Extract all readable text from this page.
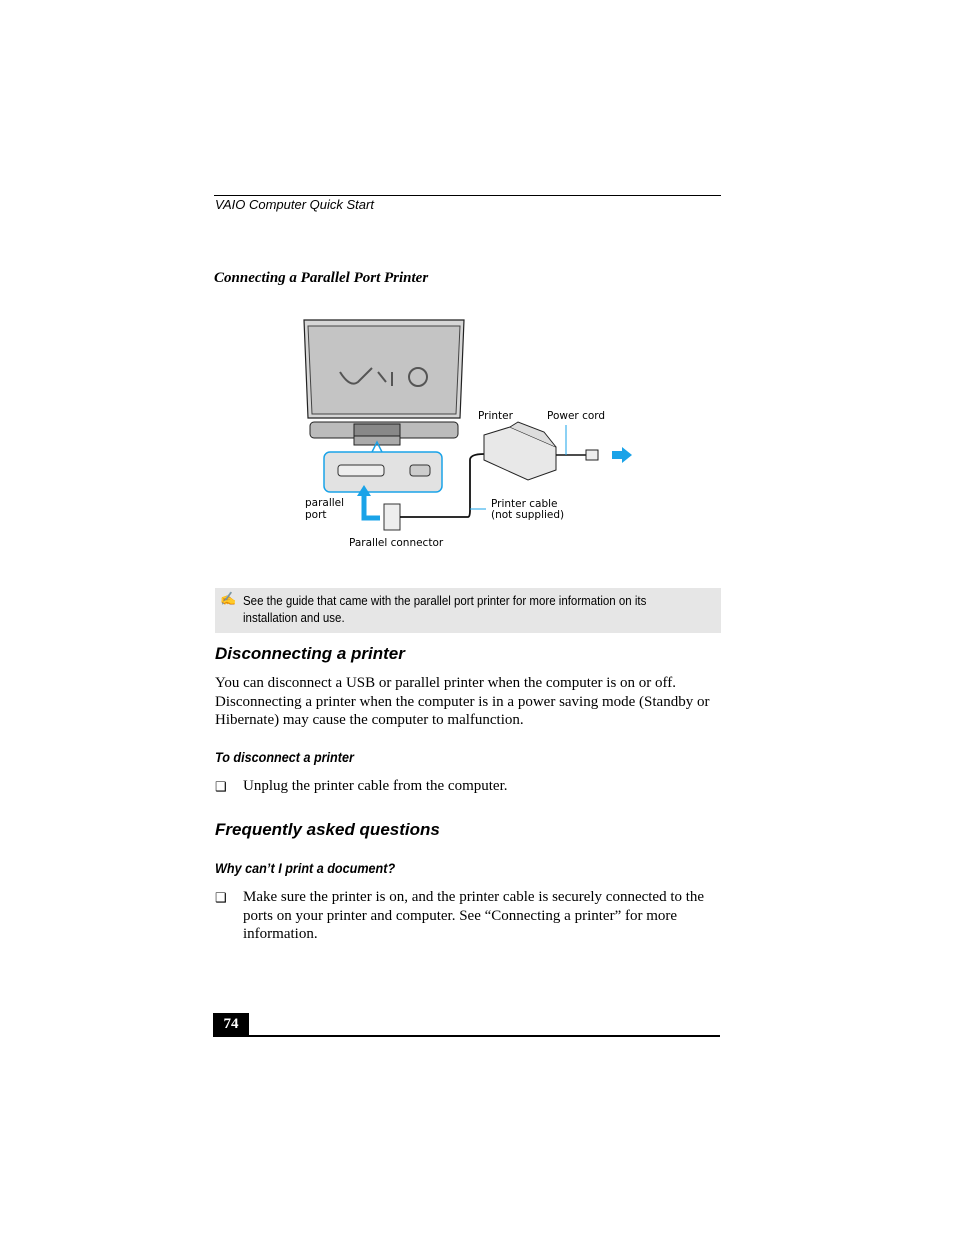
VAIO Computer Quick Start
Connecting a Parallel Port Printer
Printer	Power cord
parallel
port
Printer cable
(not supplied)
Parallel connector
✍ See the guide that came with the parallel port printer for more information on its installation and use.
Disconnecting a printer
You can disconnect a USB or parallel printer when the computer is on or off. Disconnecting a printer when the computer is in a power saving mode (Standby or Hibernate) may cause the computer to malfunction.
To disconnect a printer
❑ Unplug the printer cable from the computer.
Frequently asked questions
Why can’t I print a document?
❑ Make sure the printer is on, and the printer cable is securely connected to the ports on your printer and computer. See “Connecting a printer” for more information.
74
